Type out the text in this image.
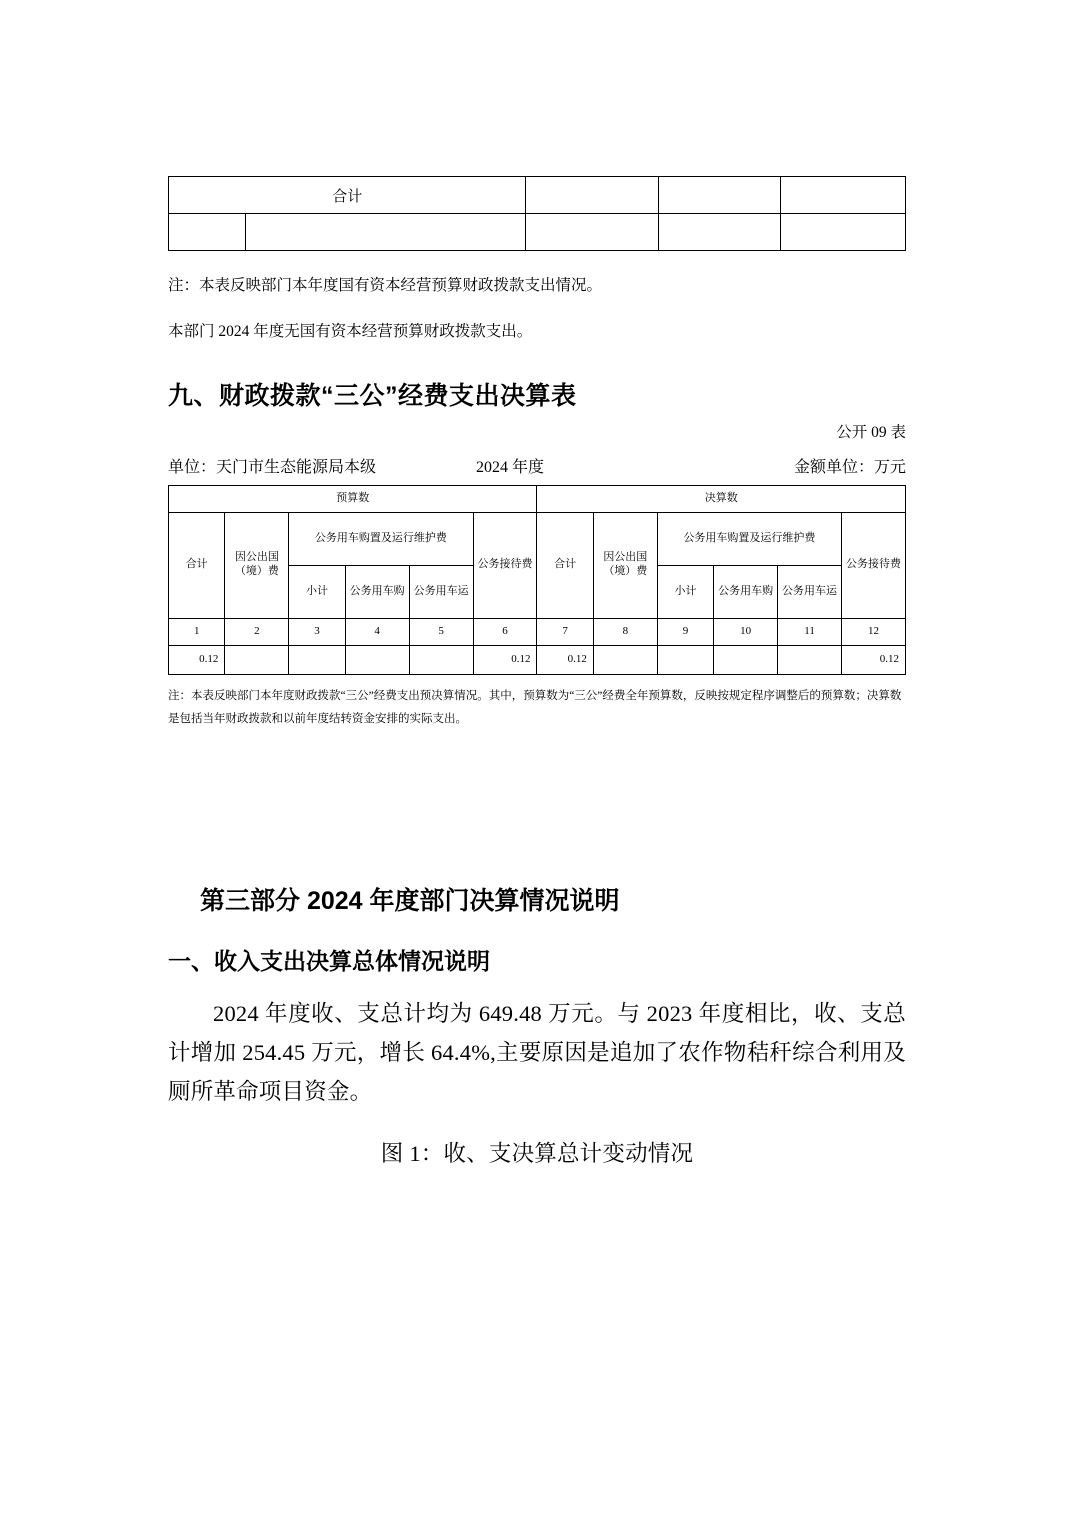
合计				

注：本表反映部门本年度国有资本经营预算财政拨款支出情况。
本部门 2024 年度无国有资本经营预算财政拨款支出。
九、财政拨款“三公”经费支出决算表
公开 09 表
单位：天门市生态能源局本级	2024 年度	金额单位：万元
预算数						决算数					
合计	因公出国（境）费	公务用车购置及运行维护费			公务接待费	合计	因公出国（境）费	公务用车购置及运行维护费			公务接待费
		小计	公务用车购	公务用车运				小计	公务用车购	公务用车运	
1	2	3	4	5	6	7	8	9	10	11	12
0.12					0.12	0.12					0.12
注：本表反映部门本年度财政拨款“三公”经费支出预决算情况。其中，预算数为“三公”经费全年预算数，反映按规定程序调整后的预算数；决算数是包括当年财政拨款和以前年度结转资金安排的实际支出。
第三部分 2024 年度部门决算情况说明
一、收入支出决算总体情况说明
2024 年度收、支总计均为 649.48 万元。与 2023 年度相比，收、支总计增加 254.45 万元，增长 64.4%,主要原因是追加了农作物秸秆综合利用及厕所革命项目资金。
图 1：收、支决算总计变动情况
